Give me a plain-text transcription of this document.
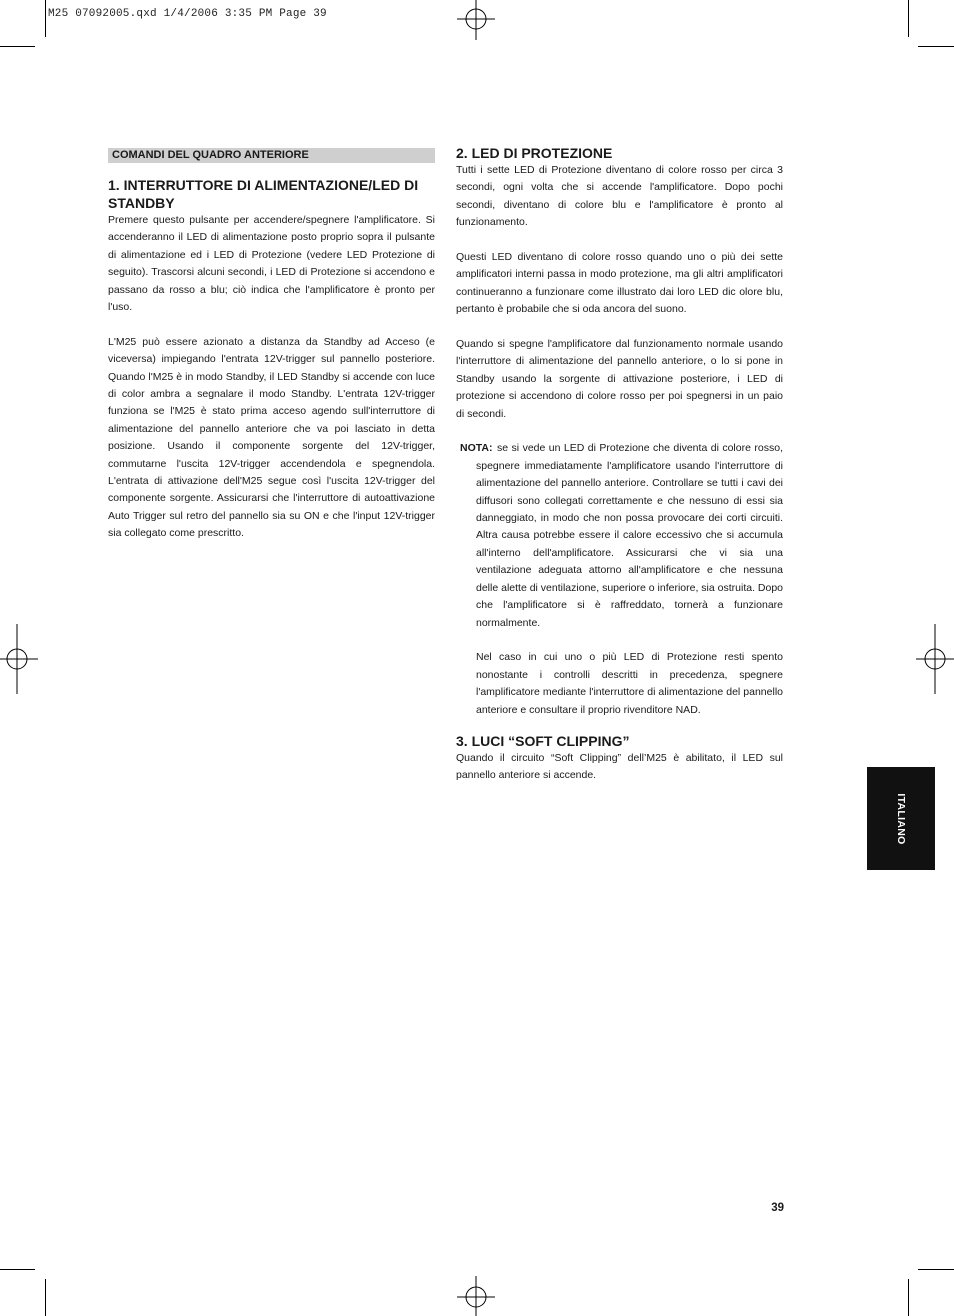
M25 07092005.qxd 1/4/2006 3:35 PM Page 39
COMANDI DEL QUADRO ANTERIORE
1. INTERRUTTORE DI ALIMENTAZIONE/LED DI STANDBY

Premere questo pulsante per accendere/spegnere l'amplificatore. Si accenderanno il LED di alimentazione posto proprio sopra il pulsante di alimentazione ed i LED di Protezione (vedere LED Protezione di seguito). Trascorsi alcuni secondi, i LED di Protezione si accendono e passano da rosso a blu; ciò indica che l'amplificatore è pronto per l'uso.

L'M25 può essere azionato a distanza da Standby ad Acceso (e viceversa) impiegando l'entrata 12V-trigger sul pannello posteriore. Quando l'M25 è in modo Standby, il LED Standby si accende con luce di color ambra a segnalare il modo Standby. L'entrata 12V-trigger funziona se l'M25 è stato prima acceso agendo sull'interruttore di alimentazione del pannello anteriore che va poi lasciato in detta posizione. Usando il componente sorgente del 12V-trigger, commutarne l'uscita 12V-trigger accendendola e spegnendola. L'entrata di attivazione dell'M25 segue così l'uscita 12V-trigger del componente sorgente. Assicurarsi che l'interruttore di autoattivazione Auto Trigger sul retro del pannello sia su ON e che l'input 12V-trigger sia collegato come prescritto.

2. LED DI PROTEZIONE

Tutti i sette LED di Protezione diventano di colore rosso per circa 3 secondi, ogni volta che si accende l'amplificatore. Dopo pochi secondi, diventano di colore blu e l'amplificatore è pronto al funzionamento.

Questi LED diventano di colore rosso quando uno o più dei sette amplificatori interni passa in modo protezione, ma gli altri amplificatori continueranno a funzionare come illustrato dai loro LED dic olore blu, pertanto è probabile che si oda ancora del suono.

Quando si spegne l'amplificatore dal funzionamento normale usando l'interruttore di alimentazione del pannello anteriore, o lo si pone in Standby usando la sorgente di attivazione posteriore, i LED di protezione si accendono di colore rosso per poi spegnersi in un paio di secondi.

NOTA: se si vede un LED di Protezione che diventa di colore rosso, spegnere immediatamente l'amplificatore usando l'interruttore di alimentazione del pannello anteriore. Controllare se tutti i cavi dei diffusori sono collegati correttamente e che nessuno di essi sia danneggiato, in modo che non possa provocare dei corti circuiti. Altra causa potrebbe essere il calore eccessivo che si accumula all'interno dell'amplificatore. Assicurarsi che vi sia una ventilazione adeguata attorno all'amplificatore e che nessuna delle alette di ventilazione, superiore o inferiore, sia ostruita. Dopo che l'amplificatore si è raffreddato, tornerà a funzionare normalmente.

Nel caso in cui uno o più LED di Protezione resti spento nonostante i controlli descritti in precedenza, spegnere l'amplificatore mediante l'interruttore di alimentazione del pannello anteriore e consultare il proprio rivenditore NAD.

3. LUCI “SOFT CLIPPING”

Quando il circuito “Soft Clipping” dell’M25 è abilitato, il LED sul pannello anteriore si accende.

ITALIANO
39
